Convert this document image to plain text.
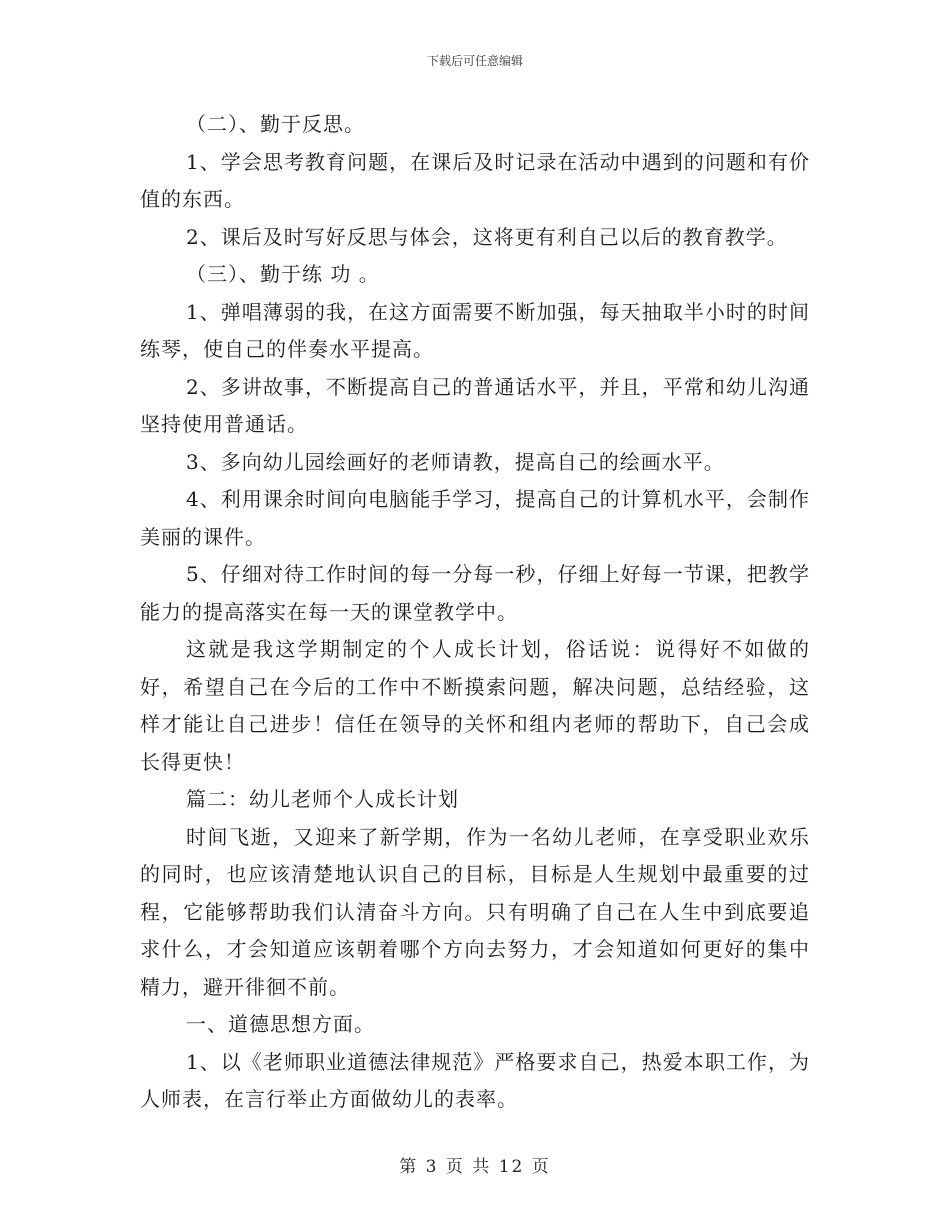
下载后可任意编辑

（二）、勤于反思。

1、学会思考教育问题，在课后及时记录在活动中遇到的问题和有价值的东西。

2、课后及时写好反思与体会，这将更有利自己以后的教育教学。

（三）、勤于练 功 。

1、弹唱薄弱的我，在这方面需要不断加强，每天抽取半小时的时间练琴，使自己的伴奏水平提高。

2、多讲故事，不断提高自己的普通话水平，并且，平常和幼儿沟通坚持使用普通话。

3、多向幼儿园绘画好的老师请教，提高自己的绘画水平。

4、利用课余时间向电脑能手学习，提高自己的计算机水平，会制作美丽的课件。

5、仔细对待工作时间的每一分每一秒，仔细上好每一节课，把教学能力的提高落实在每一天的课堂教学中。

这就是我这学期制定的个人成长计划，俗话说：说得好不如做的好，希望自己在今后的工作中不断摸索问题，解决问题，总结经验，这样才能让自己进步！信任在领导的关怀和组内老师的帮助下，自己会成长得更快！

篇二：幼儿老师个人成长计划

时间飞逝，又迎来了新学期，作为一名幼儿老师，在享受职业欢乐的同时，也应该清楚地认识自己的目标，目标是人生规划中最重要的过程，它能够帮助我们认清奋斗方向。只有明确了自己在人生中到底要追求什么，才会知道应该朝着哪个方向去努力，才会知道如何更好的集中精力，避开徘徊不前。

一、道德思想方面。

1、以《老师职业道德法律规范》严格要求自己，热爱本职工作，为人师表，在言行举止方面做幼儿的表率。

第 3 页 共 12 页
